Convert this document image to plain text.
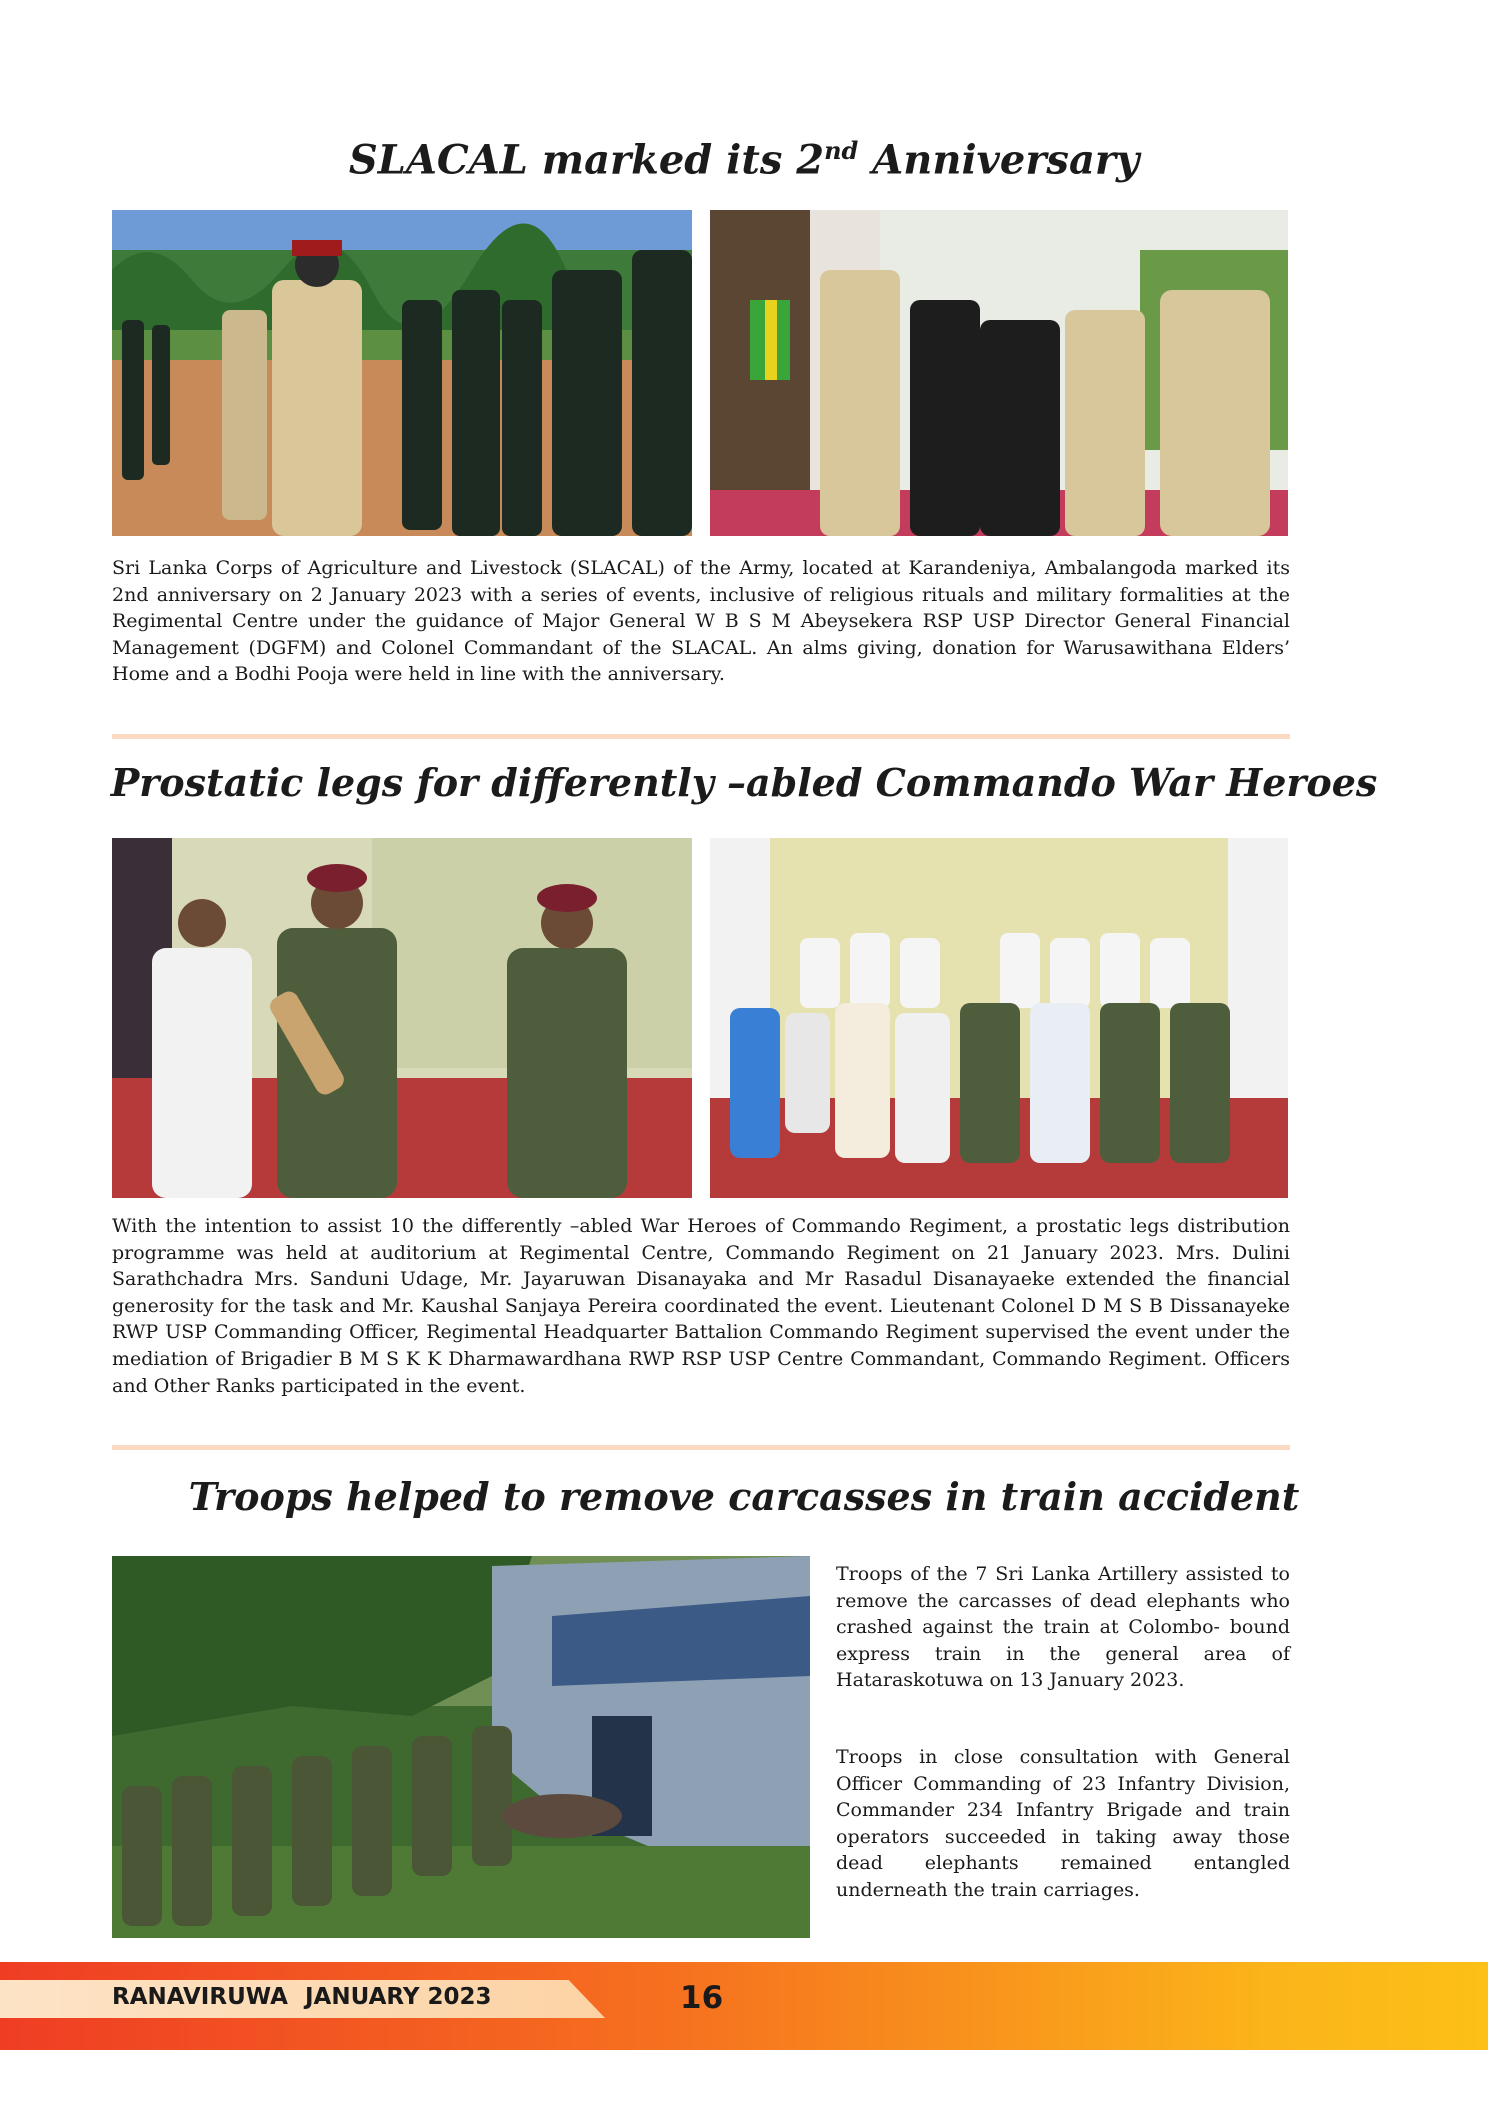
SLACAL marked its 2nd Anniversary

Sri Lanka Corps of Agriculture and Livestock (SLACAL) of the Army, located at Karandeniya, Ambalangoda marked its 2nd anniversary on 2 January 2023 with a series of events, inclusive of religious rituals and military formalities at the Regimental Centre under the guidance of Major General W B S M Abeysekera RSP USP Director General Financial Management (DGFM) and Colonel Commandant of the SLACAL. An alms giving, donation for Warusawithana Elders’ Home and a Bodhi Pooja were held in line with the anniversary.

Prostatic legs for differently –abled Commando War Heroes

With the intention to assist 10 the differently –abled War Heroes of Commando Regiment, a prostatic legs distribution programme was held at auditorium at Regimental Centre, Commando Regiment on 21 January 2023. Mrs. Dulini Sarathchadra Mrs. Sanduni Udage, Mr. Jayaruwan Disanayaka and Mr Rasadul Disanayaeke extended the financial generosity for the task and Mr. Kaushal Sanjaya Pereira coordinated the event. Lieutenant Colonel D M S B Dissanayeke RWP USP Commanding Officer, Regimental Headquarter Battalion Commando Regiment supervised the event under the mediation of Brigadier B M S K K Dharmawardhana RWP RSP USP Centre Commandant, Commando Regiment. Officers and Other Ranks participated in the event.

Troops helped to remove carcasses in train accident

Troops of the 7 Sri Lanka Artillery assisted to remove the carcasses of dead elephants who crashed against the train at Colombo- bound express train in the general area of Hataraskotuwa on 13 January 2023.

Troops in close consultation with General Officer Commanding of 23 Infantry Division, Commander 234 Infantry Brigade and train operators succeeded in taking away those dead elephants remained entangled underneath the train carriages.

RANAVIRUWA JANUARY 2023	16
